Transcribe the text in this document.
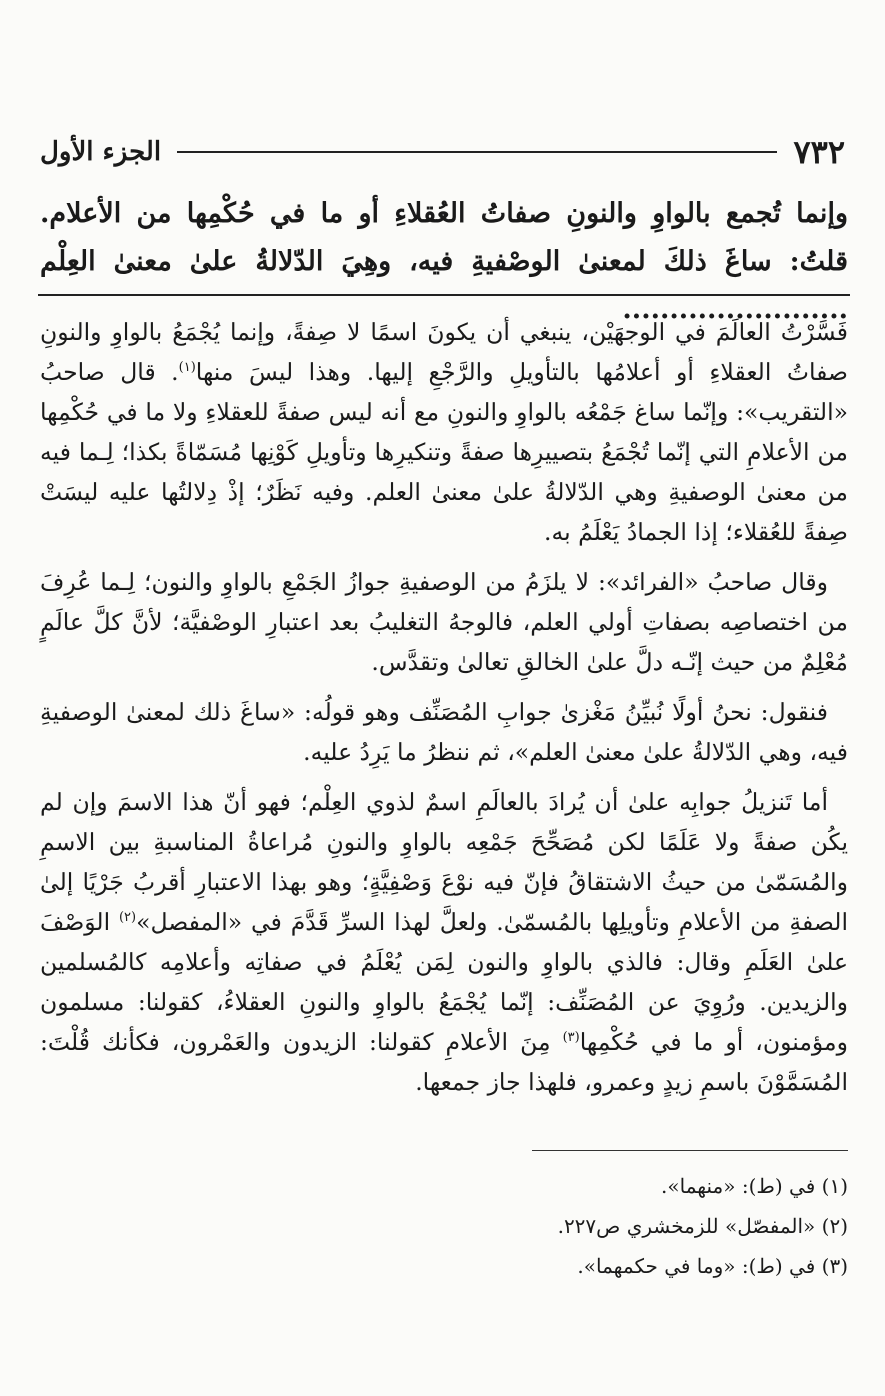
٧٣٢
الجزء الأول
وإنما تُجمع بالواوِ والنونِ صفاتُ العُقلاءِ أو ما في حُكْمِها من الأعلام. قلتُ: ساغَ ذلكَ لمعنىٰ الوصْفيةِ فيه، وهِيَ الدّلالةُ علىٰ معنىٰ العِلْم ........................

فَسَّرْتُ العالَمَ في الوجهَيْن، ينبغي أن يكونَ اسمًا لا صِفةً، وإنما يُجْمَعُ بالواوِ والنونِ صفاتُ العقلاءِ أو أعلامُها بالتأويلِ والرَّجْعِ إليها. وهذا ليسَ منها$^{(١)}$. قال صاحبُ «التقريب»: وإنّما ساغ جَمْعُه بالواوِ والنونِ مع أنه ليس صفةً للعقلاءِ ولا ما في حُكْمِها من الأعلامِ التي إنّما تُجْمَعُ بتصييرِها صفةً وتنكيرِها وتأويلِ كَوْنِها مُسَمّاةً بكذا؛ لِـما فيه من معنىٰ الوصفيةِ وهي الدّلالةُ علىٰ معنىٰ العلم. وفيه نَظَرٌ؛ إذْ دِلالتُها عليه ليسَتْ صِفةً للعُقلاء؛ إذا الجمادُ يَعْلَمُ به.

وقال صاحبُ «الفرائد»: لا يلزَمُ من الوصفيةِ جوازُ الجَمْعِ بالواوِ والنون؛ لِـما عُرِفَ من اختصاصِه بصفاتِ أولي العلم، فالوجهُ التغليبُ بعد اعتبارِ الوصْفيَّة؛ لأنَّ كلَّ عالَمٍ مُعْلِمٌ من حيث إنّـه دلَّ علىٰ الخالقِ تعالىٰ وتقدَّس.

فنقول: نحنُ أولًا نُبيِّنُ مَغْزىٰ جوابِ المُصَنِّف وهو قولُه: «ساغَ ذلك لمعنىٰ الوصفيةِ فيه، وهي الدّلالةُ علىٰ معنىٰ العلم»، ثم ننظرُ ما يَرِدُ عليه.

أما تَنزيلُ جوابِه علىٰ أن يُرادَ بالعالَمِ اسمٌ لذوي العِلْم؛ فهو أنّ هذا الاسمَ وإن لم يكُن صفةً ولا عَلَمًا لكن مُصَحِّحَ جَمْعِه بالواوِ والنونِ مُراعاةُ المناسبةِ بين الاسمِ والمُسَمّىٰ من حيثُ الاشتقاقُ فإنّ فيه نوْعَ وَصْفِيَّةٍ؛ وهو بهذا الاعتبارِ أقربُ جَرْيًا إلىٰ الصفةِ من الأعلامِ وتأويلِها بالمُسمّىٰ. ولعلَّ لهذا السرِّ قَدَّمَ في «المفصل»$^{(٢)}$ الوَصْفَ علىٰ العَلَمِ وقال: فالذي بالواوِ والنون لِمَن يُعْلَمُ في صفاتِه وأعلامِه كالمُسلمين والزيدين. ورُوِيَ عن المُصَنِّف: إنّما يُجْمَعُ بالواوِ والنونِ العقلاءُ، كقولنا: مسلمون ومؤمنون، أو ما في حُكْمِها$^{(٣)}$ مِنَ الأعلامِ كقولنا: الزيدون والعَمْرون، فكأنك قُلْتَ: المُسَمَّوْنَ باسمِ زيدٍ وعمرو، فلهذا جاز جمعها.

(١) في (ط): «منهما».
(٢) «المفصّل» للزمخشري ص٢٢٧.
(٣) في (ط): «وما في حكمهما».
